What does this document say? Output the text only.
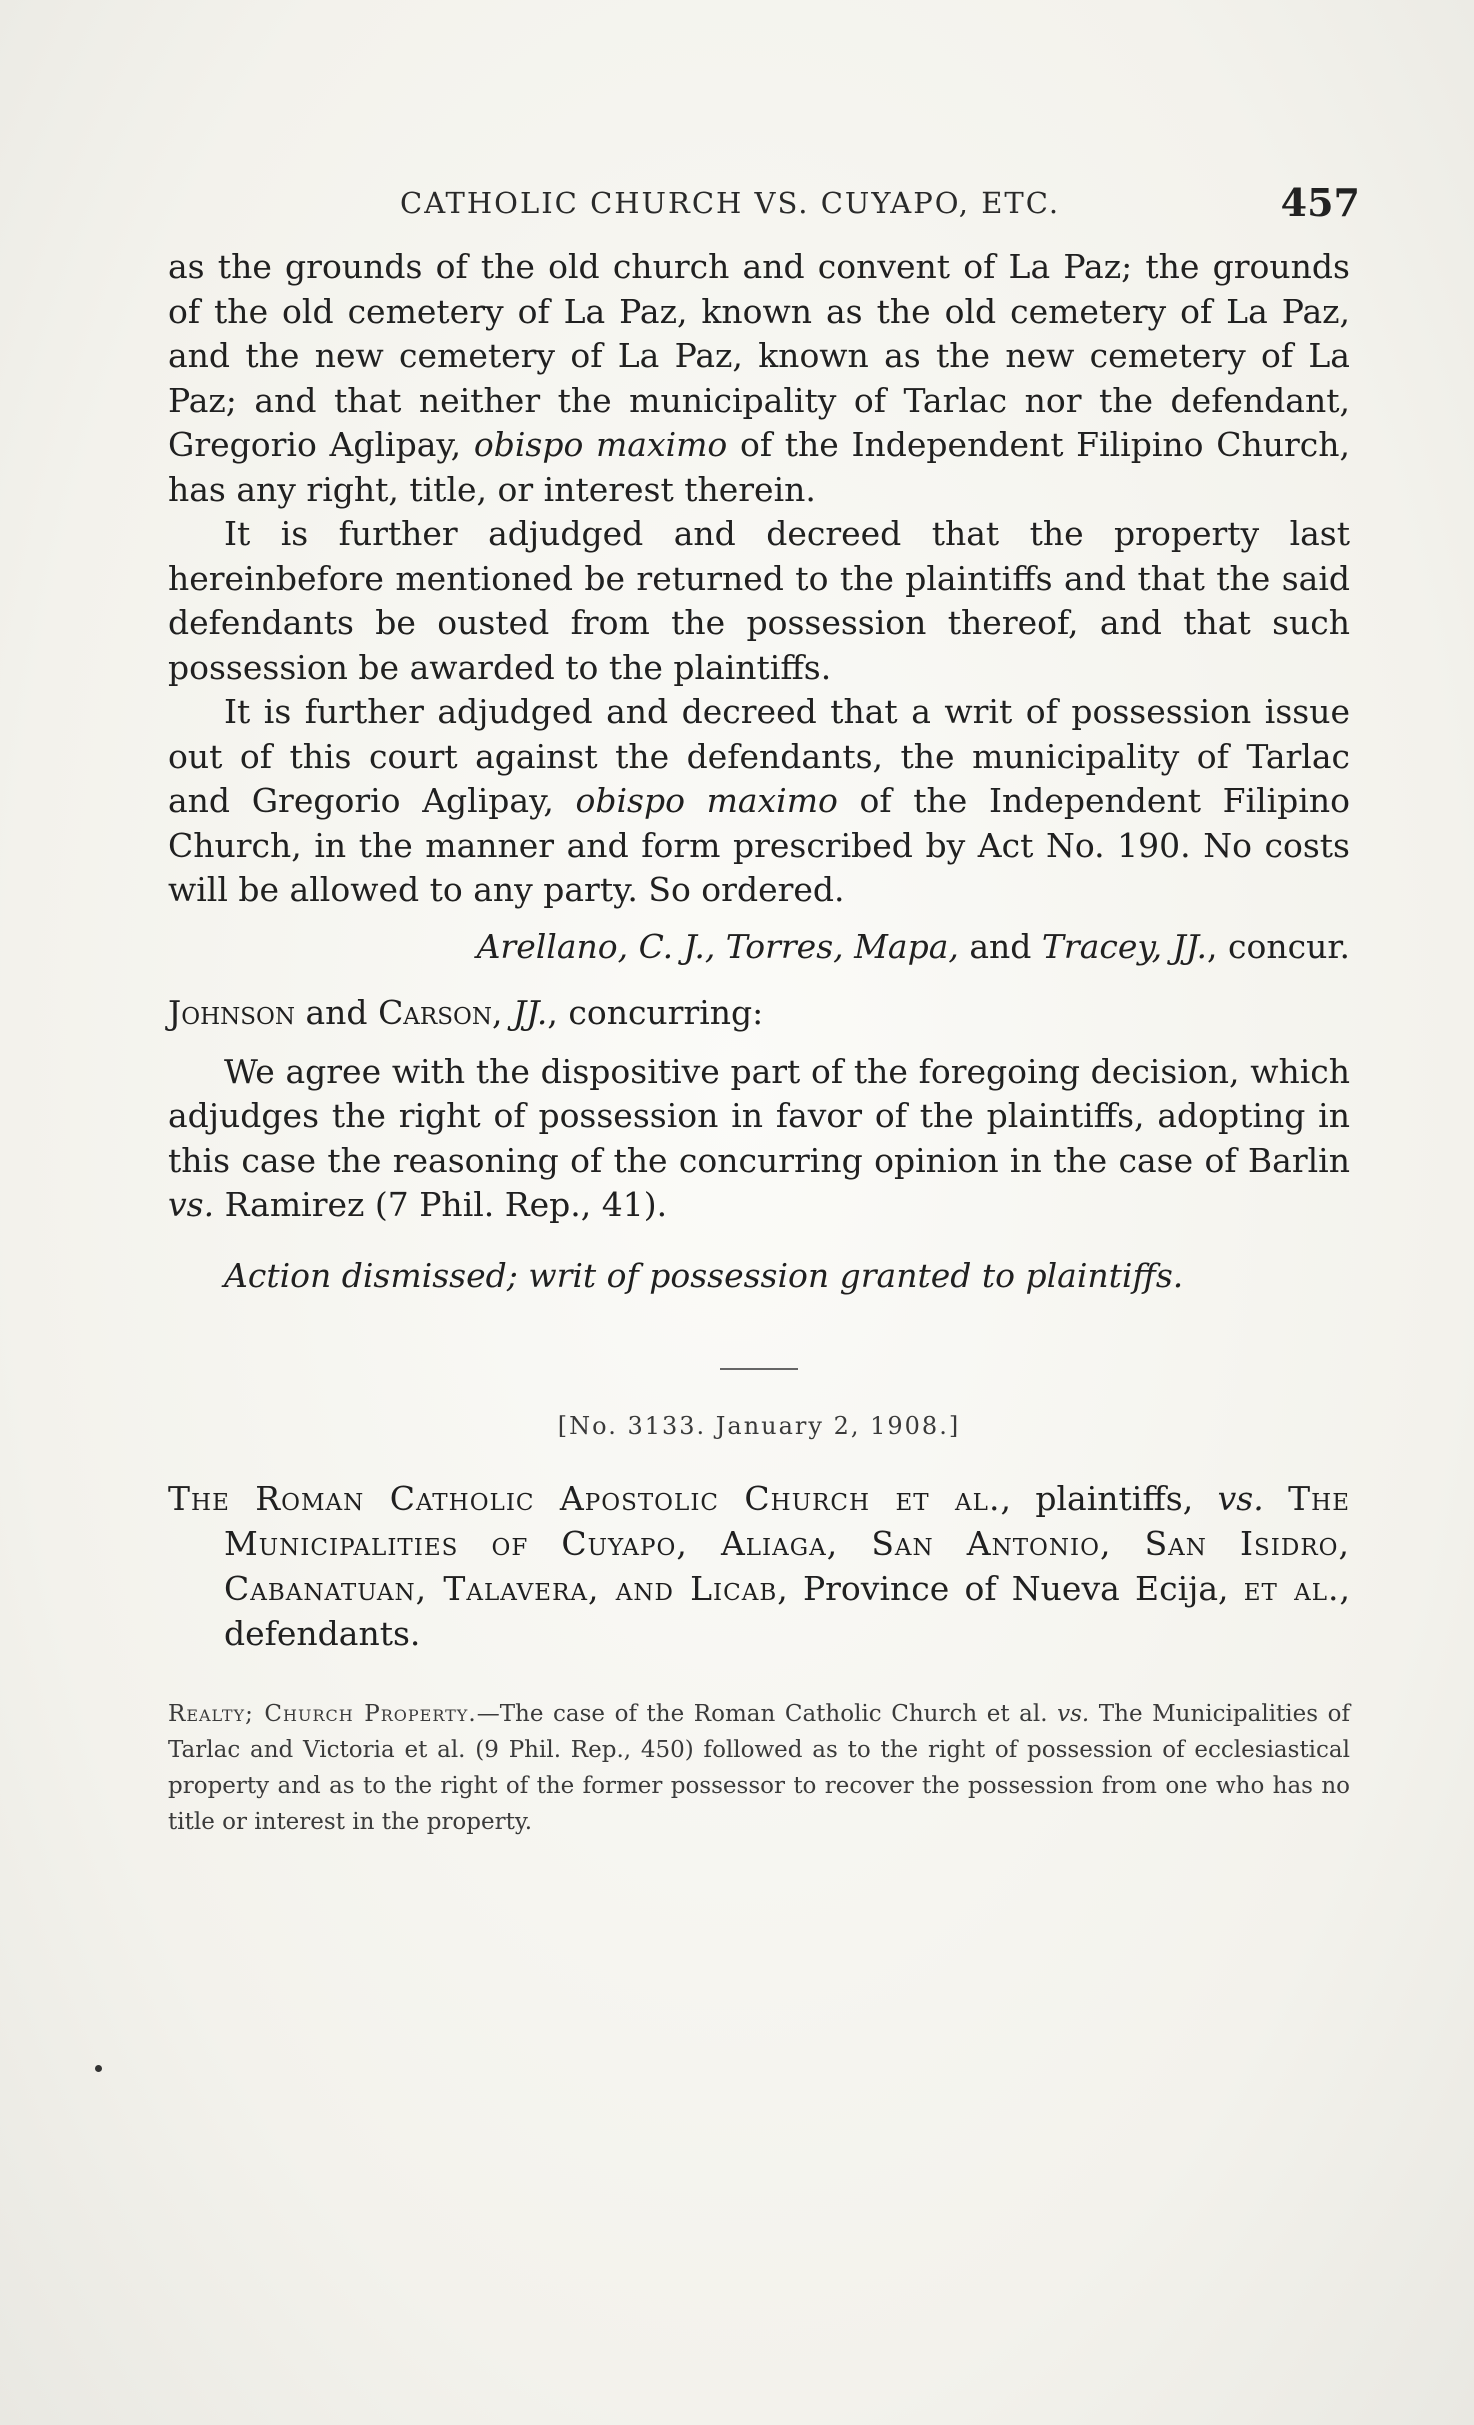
CATHOLIC CHURCH VS. CUYAPO, ETC.	457

as the grounds of the old church and convent of La Paz; the grounds of the old cemetery of La Paz, known as the old cemetery of La Paz, and the new cemetery of La Paz, known as the new cemetery of La Paz; and that neither the municipality of Tarlac nor the defendant, Gregorio Aglipay, obispo maximo of the Independent Filipino Church, has any right, title, or interest therein.

It is further adjudged and decreed that the property last hereinbefore mentioned be returned to the plaintiffs and that the said defendants be ousted from the possession thereof, and that such possession be awarded to the plaintiffs.

It is further adjudged and decreed that a writ of possession issue out of this court against the defendants, the municipality of Tarlac and Gregorio Aglipay, obispo maximo of the Independent Filipino Church, in the manner and form prescribed by Act No. 190. No costs will be allowed to any party. So ordered.

Arellano, C. J., Torres, Mapa, and Tracey, JJ., concur.

Johnson and Carson, JJ., concurring:

We agree with the dispositive part of the foregoing decision, which adjudges the right of possession in favor of the plaintiffs, adopting in this case the reasoning of the concurring opinion in the case of Barlin vs. Ramirez (7 Phil. Rep., 41).

Action dismissed; writ of possession granted to plaintiffs.

[No. 3133. January 2, 1908.]

The Roman Catholic Apostolic Church et al., plaintiffs, vs. The Municipalities of Cuyapo, Aliaga, San Antonio, San Isidro, Cabanatuan, Talavera, and Licab, Province of Nueva Ecija, et al., defendants.

Realty; Church Property.—The case of the Roman Catholic Church et al. vs. The Municipalities of Tarlac and Victoria et al. (9 Phil. Rep., 450) followed as to the right of possession of ecclesiastical property and as to the right of the former possessor to recover the possession from one who has no title or interest in the property.
